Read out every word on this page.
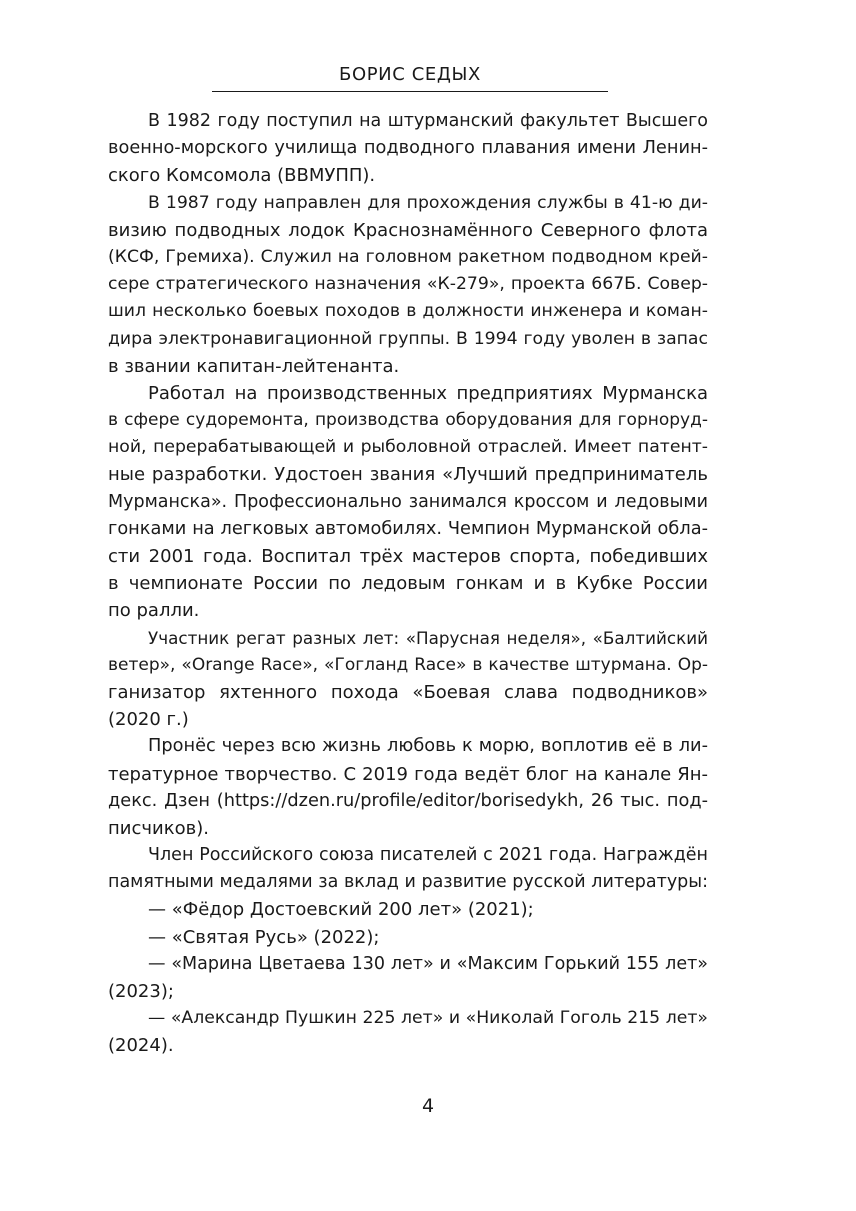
БОРИС СЕДЫХ
В 1982 году поступил на штурманский факультет Высшего
военно-морского училища подводного плавания имени Ленин-
ского Комсомола (ВВМУПП).
В 1987 году направлен для прохождения службы в 41-ю ди-
визию подводных лодок Краснознамённого Северного флота
(КСФ, Гремиха). Служил на головном ракетном подводном крей-
сере стратегического назначения «К-279», проекта 667Б. Совер-
шил несколько боевых походов в должности инженера и коман-
дира электронавигационной группы. В 1994 году уволен в запас
в звании капитан-лейтенанта.
Работал на производственных предприятиях Мурманска
в сфере судоремонта, производства оборудования для горноруд-
ной, перерабатывающей и рыболовной отраслей. Имеет патент-
ные разработки. Удостоен звания «Лучший предприниматель
Мурманска». Профессионально занимался кроссом и ледовыми
гонками на легковых автомобилях. Чемпион Мурманской обла-
сти 2001 года. Воспитал трёх мастеров спорта, победивших
в чемпионате России по ледовым гонкам и в Кубке России
по ралли.
Участник регат разных лет: «Парусная неделя», «Балтийский
ветер», «Orange Race», «Гогланд Race» в качестве штурмана. Ор-
ганизатор яхтенного похода «Боевая слава подводников»
(2020 г.)
Пронёс через всю жизнь любовь к морю, воплотив её в ли-
тературное творчество. С 2019 года ведёт блог на канале Ян-
декс. Дзен (https://dzen.ru/profile/editor/borisedykh, 26 тыс. под-
писчиков).
Член Российского союза писателей с 2021 года. Награждён
памятными медалями за вклад и развитие русской литературы:
— «Фёдор Достоевский 200 лет» (2021);
— «Святая Русь» (2022);
— «Марина Цветаева 130 лет» и «Максим Горький 155 лет»
(2023);
— «Александр Пушкин 225 лет» и «Николай Гоголь 215 лет»
(2024).
4
